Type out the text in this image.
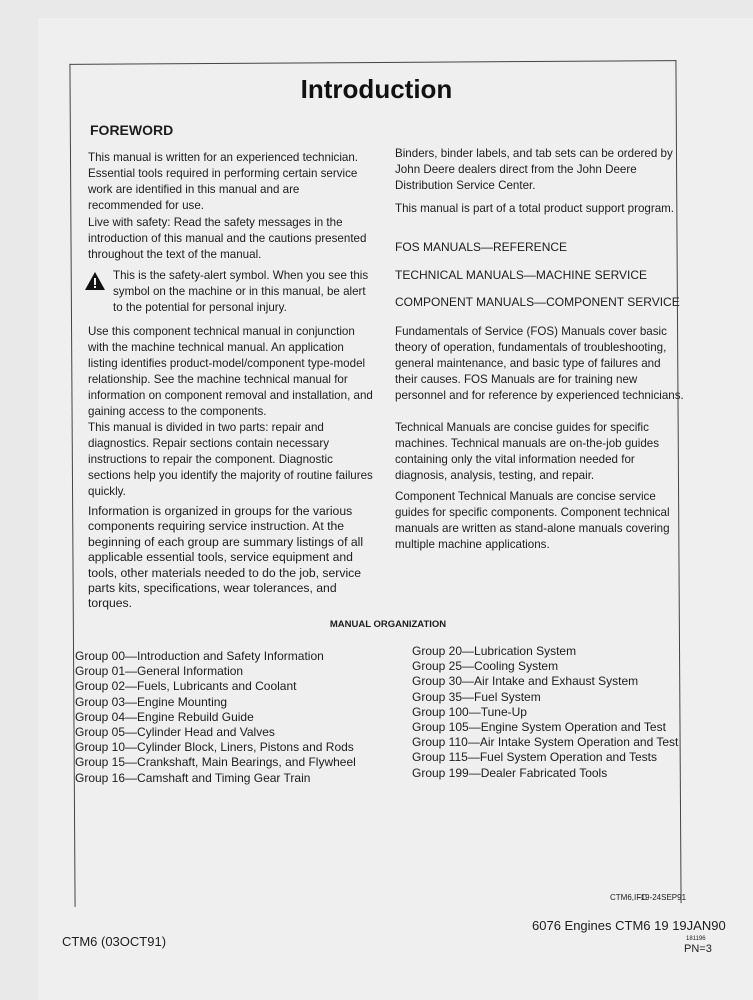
Introduction
FOREWORD

This manual is written for an experienced technician. Essential tools required in performing certain service work are identified in this manual and are recommended for use.

Live with safety: Read the safety messages in the introduction of this manual and the cautions presented throughout the text of the manual.

This is the safety-alert symbol. When you see this symbol on the machine or in this manual, be alert to the potential for personal injury.

Use this component technical manual in conjunction with the machine technical manual. An application listing identifies product-model/component type-model relationship. See the machine technical manual for information on component removal and installation, and gaining access to the components.

This manual is divided in two parts: repair and diagnostics. Repair sections contain necessary instructions to repair the component. Diagnostic sections help you identify the majority of routine failures quickly.

Information is organized in groups for the various components requiring service instruction. At the beginning of each group are summary listings of all applicable essential tools, service equipment and tools, other materials needed to do the job, service parts kits, specifications, wear tolerances, and torques.

Binders, binder labels, and tab sets can be ordered by John Deere dealers direct from the John Deere Distribution Service Center.

This manual is part of a total product support program.

FOS MANUALS—REFERENCE

TECHNICAL MANUALS—MACHINE SERVICE

COMPONENT MANUALS—COMPONENT SERVICE

Fundamentals of Service (FOS) Manuals cover basic theory of operation, fundamentals of troubleshooting, general maintenance, and basic type of failures and their causes. FOS Manuals are for training new personnel and for reference by experienced technicians.

Technical Manuals are concise guides for specific machines. Technical manuals are on-the-job guides containing only the vital information needed for diagnosis, analysis, testing, and repair.

Component Technical Manuals are concise service guides for specific components. Component technical manuals are written as stand-alone manuals covering multiple machine applications.

MANUAL ORGANIZATION
Group 00—Introduction and Safety Information
Group 01—General Information
Group 02—Fuels, Lubricants and Coolant
Group 03—Engine Mounting
Group 04—Engine Rebuild Guide
Group 05—Cylinder Head and Valves
Group 10—Cylinder Block, Liners, Pistons and Rods
Group 15—Crankshaft, Main Bearings, and Flywheel
Group 16—Camshaft and Timing Gear Train
Group 20—Lubrication System
Group 25—Cooling System
Group 30—Air Intake and Exhaust System
Group 35—Fuel System
Group 100—Tune-Up
Group 105—Engine System Operation and Test
Group 110—Air Intake System Operation and Test
Group 115—Fuel System Operation and Tests
Group 199—Dealer Fabricated Tools
CTM6,IFC
-19-24SEP91
CTM6 (03OCT91)
6076 Engines CTM6 19 19JAN90
181196
PN=3
